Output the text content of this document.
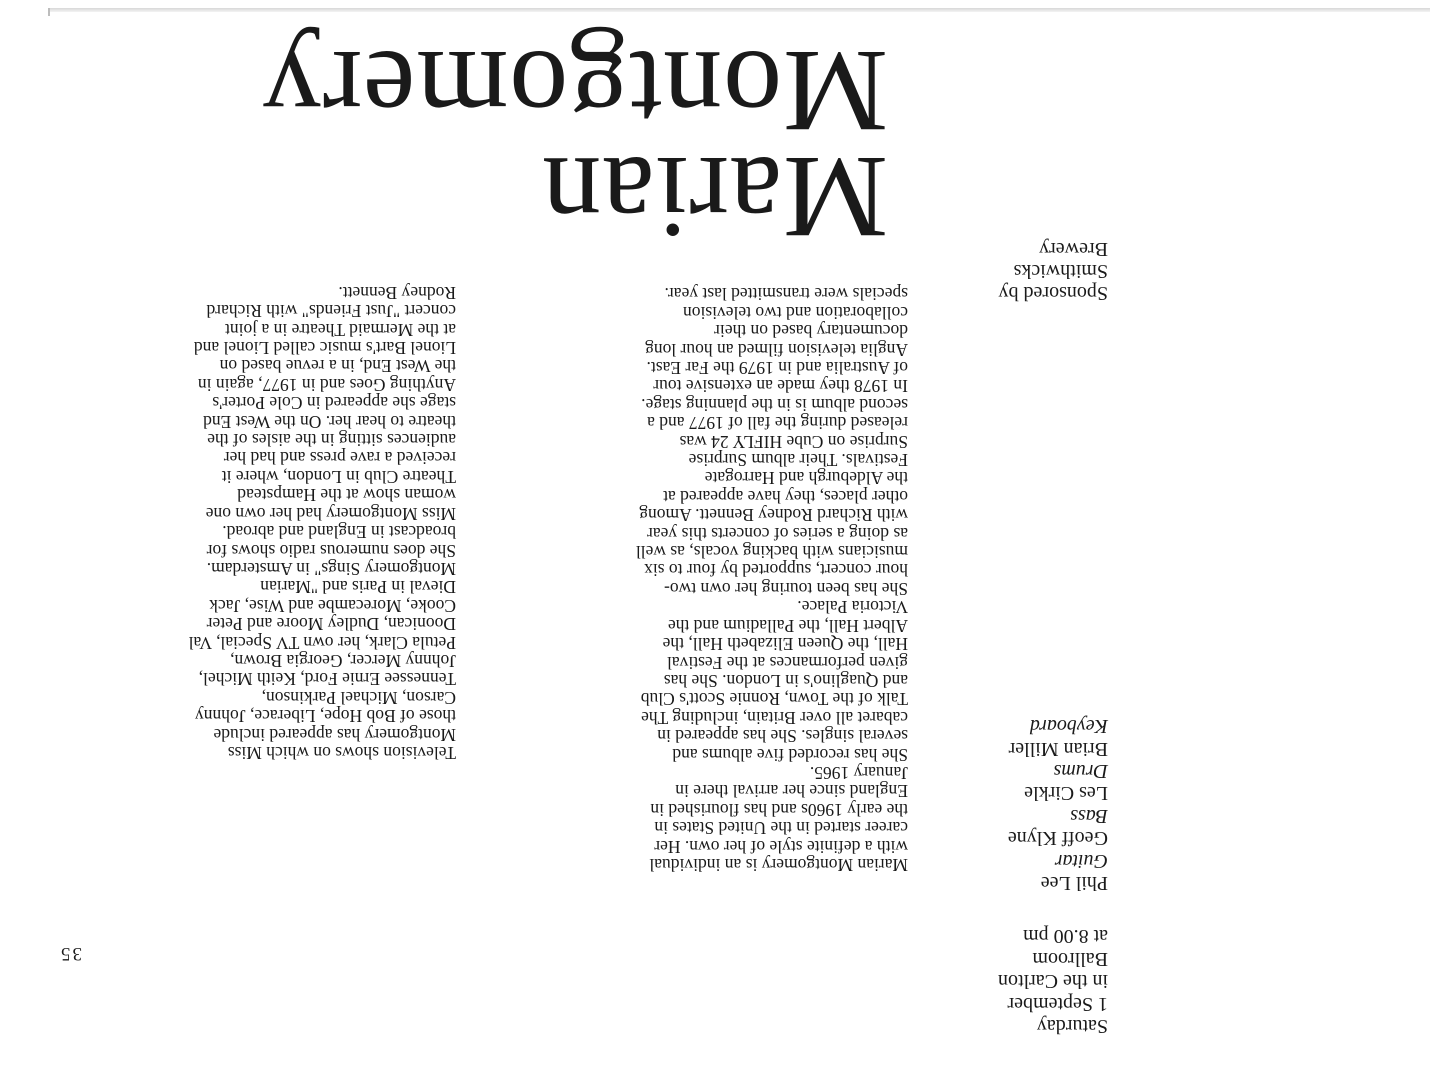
Sponsored by
Smithwicks
Brewery
Marian
Montgomery
Phil Lee
Guitar
Geoff Klyne
Bass
Les Cirkle
Drums
Brian Miller
Keyboard
Saturday
1 September
in the Carlton
Ballroom
at 8.00 pm
Marian Montgomery is an individual
with a definite style of her own. Her
career started in the United States in
the early 1960s and has flourished in
England since her arrival there in
January 1965.
She has recorded five albums and
several singles. She has appeared in
cabaret all over Britain, including The
Talk of the Town, Ronnie Scott's Club
and Quaglino's in London. She has
given performances at the Festival
Hall, the Queen Elizabeth Hall, the
Albert Hall, the Palladium and the
Victoria Palace.
She has been touring her own two-
hour concert, supported by four to six
musicians with backing vocals, as well
as doing a series of concerts this year
with Richard Rodney Bennett. Among
other places, they have appeared at
the Aldeburgh and Harrogate
Festivals. Their album Surprise
Surprise on Cube HIFLY 24 was
released during the fall of 1977 and a
second album is in the planning stage.
In 1978 they made an extensive tour
of Australia and in 1979 the Far East.
Anglia television filmed an hour long
documentary based on their
collaboration and two television
specials were transmitted last year.
Television shows on which Miss
Montgomery has appeared include
those of Bob Hope, Liberace, Johnny
Carson, Michael Parkinson,
Tennessee Ernie Ford, Keith Michel,
Johnny Mercer, Georgia Brown,
Petula Clark, her own TV Special, Val
Doonican, Dudley Moore and Peter
Cooke, Morecambe and Wise, Jack
Dieval in Paris and "Marian
Montgomery Sings" in Amsterdam.
She does numerous radio shows for
broadcast in England and abroad.
Miss Montgomery had her own one
woman show at the Hampstead
Theatre Club in London, where it
received a rave press and had her
audiences sitting in the aisles of the
theatre to hear her. On the West End
stage she appeared in Cole Porter's
Anything Goes and in 1977, again in
the West End, in a revue based on
Lionel Bart's music called Lionel and
at the Mermaid Theatre in a joint
concert "Just Friends" with Richard
Rodney Bennett.
35
